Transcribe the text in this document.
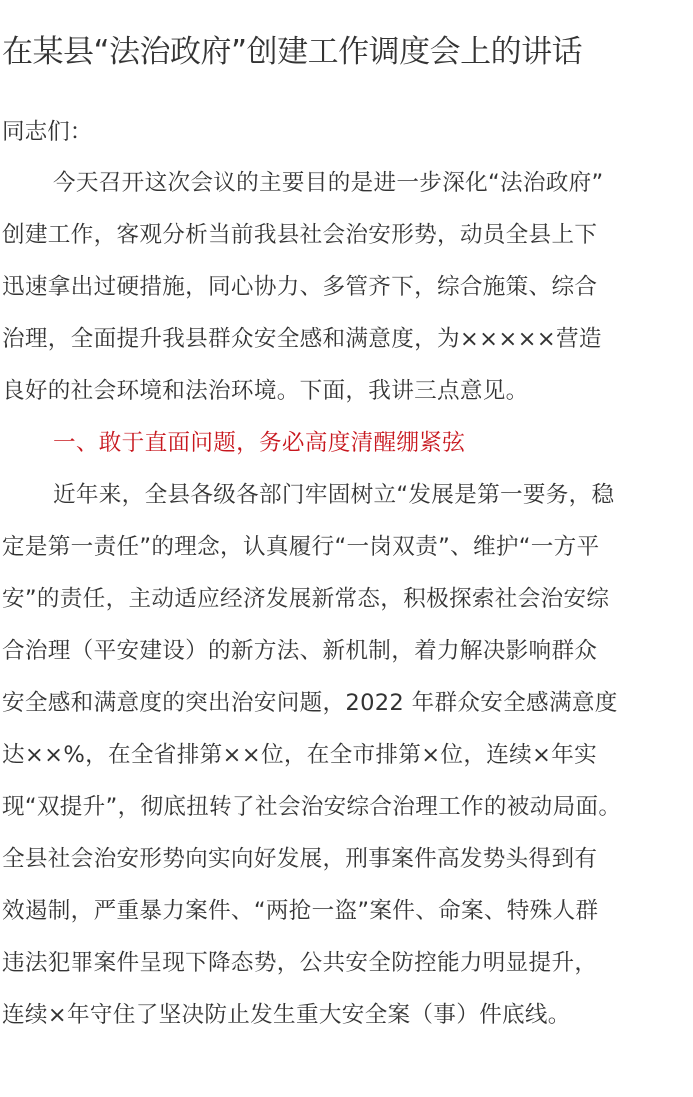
在某县“法治政府”创建工作调度会上的讲话

同志们：

今天召开这次会议的主要目的是进一步深化“法治政府”
创建工作，客观分析当前我县社会治安形势，动员全县上下
迅速拿出过硬措施，同心协力、多管齐下，综合施策、综合
治理，全面提升我县群众安全感和满意度，为×××××营造
良好的社会环境和法治环境。下面，我讲三点意见。
一、敢于直面问题，务必高度清醒绷紧弦
近年来，全县各级各部门牢固树立“发展是第一要务，稳
定是第一责任”的理念，认真履行“一岗双责”、维护“一方平
安”的责任，主动适应经济发展新常态，积极探索社会治安综
合治理（平安建设）的新方法、新机制，着力解决影响群众
安全感和满意度的突出治安问题，2022 年群众安全感满意度
达××%，在全省排第××位，在全市排第×位，连续×年实
现“双提升”，彻底扭转了社会治安综合治理工作的被动局面。
全县社会治安形势向实向好发展，刑事案件高发势头得到有
效遏制，严重暴力案件、“两抢一盗”案件、命案、特殊人群
违法犯罪案件呈现下降态势，公共安全防控能力明显提升，
连续×年守住了坚决防止发生重大安全案（事）件底线。
